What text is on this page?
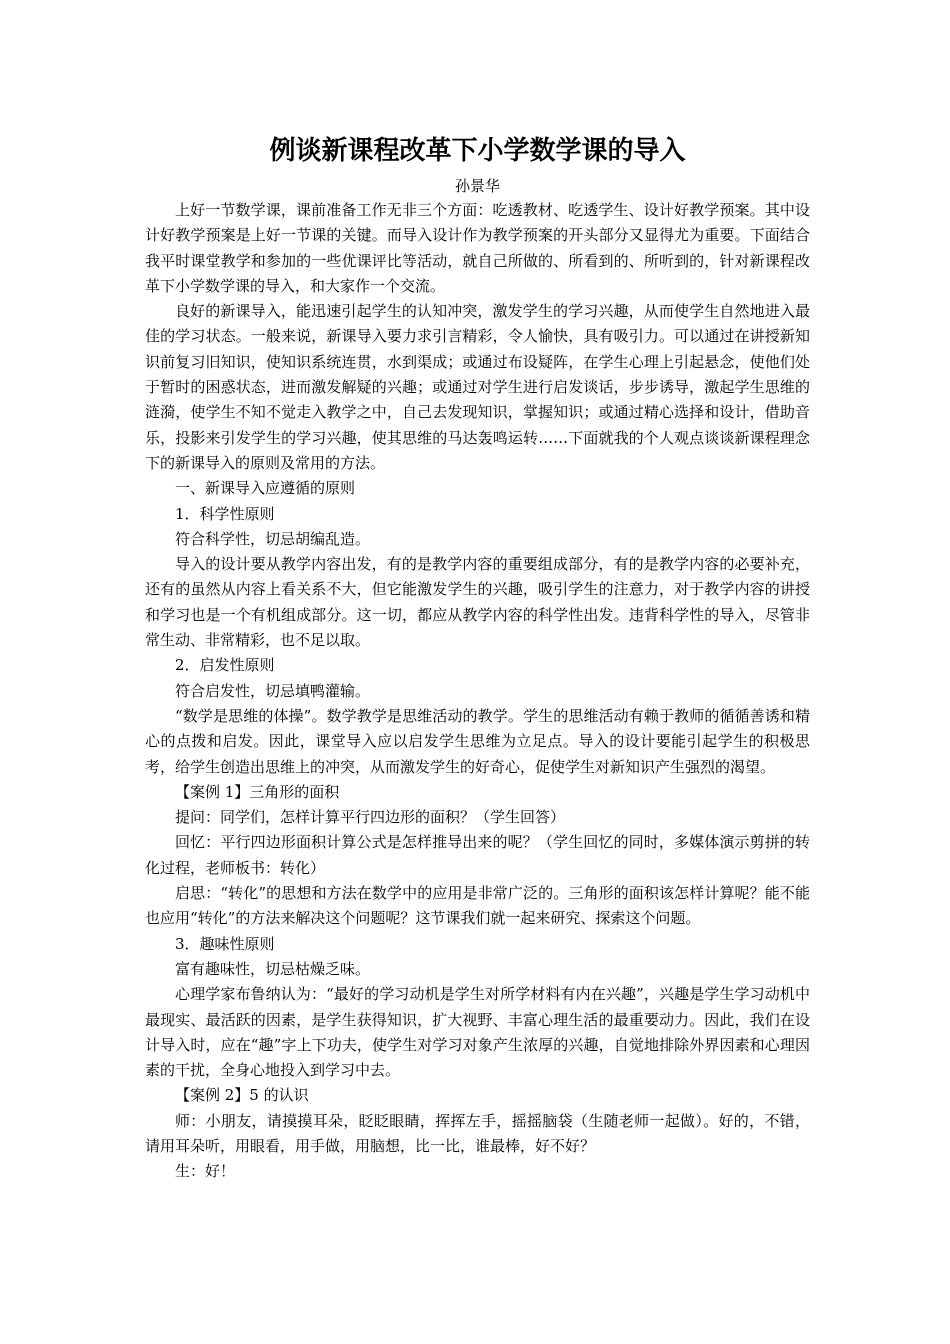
例谈新课程改革下小学数学课的导入

孙景华

上好一节数学课，课前准备工作无非三个方面：吃透教材、吃透学生、设计好教学预案。其中设计好教学预案是上好一节课的关键。而导入设计作为教学预案的开头部分又显得尤为重要。下面结合我平时课堂教学和参加的一些优课评比等活动，就自己所做的、所看到的、所听到的，针对新课程改革下小学数学课的导入，和大家作一个交流。

良好的新课导入，能迅速引起学生的认知冲突，激发学生的学习兴趣，从而使学生自然地进入最佳的学习状态。一般来说，新课导入要力求引言精彩，令人愉快，具有吸引力。可以通过在讲授新知识前复习旧知识，使知识系统连贯，水到渠成；或通过布设疑阵，在学生心理上引起悬念，使他们处于暂时的困惑状态，进而激发解疑的兴趣；或通过对学生进行启发谈话，步步诱导，激起学生思维的涟漪，使学生不知不觉走入教学之中，自己去发现知识，掌握知识；或通过精心选择和设计，借助音乐，投影来引发学生的学习兴趣，使其思维的马达轰鸣运转……下面就我的个人观点谈谈新课程理念下的新课导入的原则及常用的方法。

一、新课导入应遵循的原则

1．科学性原则

符合科学性，切忌胡编乱造。

导入的设计要从教学内容出发，有的是教学内容的重要组成部分，有的是教学内容的必要补充，还有的虽然从内容上看关系不大，但它能激发学生的兴趣，吸引学生的注意力，对于教学内容的讲授和学习也是一个有机组成部分。这一切，都应从教学内容的科学性出发。违背科学性的导入，尽管非常生动、非常精彩，也不足以取。

2．启发性原则

符合启发性，切忌填鸭灌输。

“数学是思维的体操”。数学教学是思维活动的教学。学生的思维活动有赖于教师的循循善诱和精心的点拨和启发。因此，课堂导入应以启发学生思维为立足点。导入的设计要能引起学生的积极思考，给学生创造出思维上的冲突，从而激发学生的好奇心，促使学生对新知识产生强烈的渴望。

【案例 1】三角形的面积

提问：同学们，怎样计算平行四边形的面积？（学生回答）

回忆：平行四边形面积计算公式是怎样推导出来的呢？（学生回忆的同时，多媒体演示剪拼的转化过程，老师板书：转化）

启思：“转化”的思想和方法在数学中的应用是非常广泛的。三角形的面积该怎样计算呢？能不能也应用“转化”的方法来解决这个问题呢？这节课我们就一起来研究、探索这个问题。

3．趣味性原则

富有趣味性，切忌枯燥乏味。

心理学家布鲁纳认为：“最好的学习动机是学生对所学材料有内在兴趣”，兴趣是学生学习动机中最现实、最活跃的因素，是学生获得知识，扩大视野、丰富心理生活的最重要动力。因此，我们在设计导入时，应在“趣”字上下功夫，使学生对学习对象产生浓厚的兴趣，自觉地排除外界因素和心理因素的干扰，全身心地投入到学习中去。

【案例 2】5 的认识

师：小朋友，请摸摸耳朵，眨眨眼睛，挥挥左手，摇摇脑袋（生随老师一起做）。好的，不错，请用耳朵听，用眼看，用手做，用脑想，比一比，谁最棒，好不好？

生：好！
